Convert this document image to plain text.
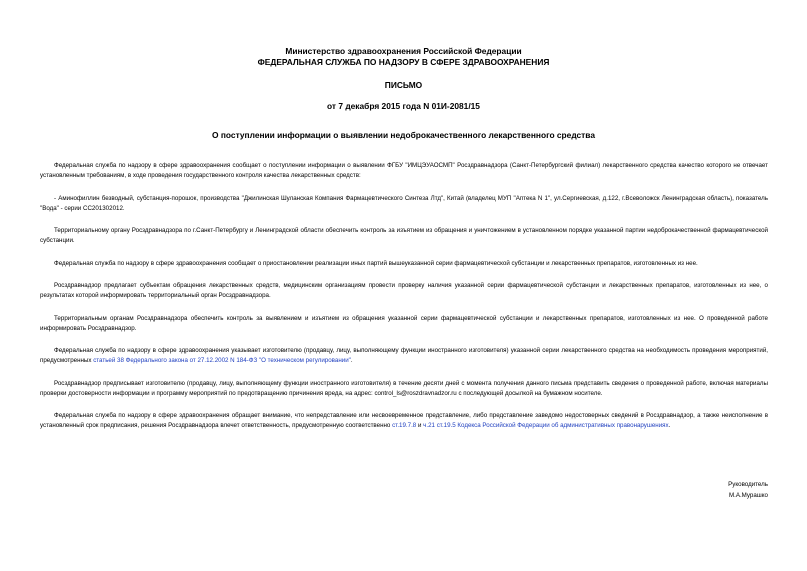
Министерство здравоохранения Российской Федерации
ФЕДЕРАЛЬНАЯ СЛУЖБА ПО НАДЗОРУ В СФЕРЕ ЗДРАВООХРАНЕНИЯ
ПИСЬМО
от 7 декабря 2015 года N 01И-2081/15
О поступлении информации о выявлении недоброкачественного лекарственного средства

Федеральная служба по надзору в сфере здравоохранения сообщает о поступлении информации о выявлении ФГБУ "ИМЦЭУАОСМП" Росздравнадзора (Санкт-Петербургский филиал) лекарственного средства качество которого не отвечает установленным требованиям, в ходе проведения государственного контроля качества лекарственных средств:

- Аминофиллин безводный, субстанция-порошок, производства "Джилинская Шуланская Компания Фармацевтического Синтеза Лтд", Китай (владелец МУП "Аптека N 1", ул.Сергиевская, д.122, г.Всеволожск Ленинградская область), показатель "Вода" - серии СС201302012.

Территориальному органу Росздравнадзора по г.Санкт-Петербургу и Ленинградской области обеспечить контроль за изъятием из обращения и уничтожением в установленном порядке указанной партии недоброкачественной фармацевтической субстанции.

Федеральная служба по надзору в сфере здравоохранения сообщает о приостановлении реализации иных партий вышеуказанной серии фармацевтической субстанции и лекарственных препаратов, изготовленных из нее.

Росздравнадзор предлагает субъектам обращения лекарственных средств, медицинским организациям провести проверку наличия указанной серии фармацевтической субстанции и лекарственных препаратов, изготовленных из нее, о результатах которой информировать территориальный орган Росздравнадзора.

Территориальным органам Росздравнадзора обеспечить контроль за выявлением и изъятием из обращения указанной серии фармацевтической субстанции и лекарственных препаратов, изготовленных из нее. О проведенной работе информировать Росздравнадзор.

Федеральная служба по надзору в сфере здравоохранения указывает изготовителю (продавцу, лицу, выполняющему функции иностранного изготовителя) указанной серии лекарственного средства на необходимость проведения мероприятий, предусмотренных статьей 38 Федерального закона от 27.12.2002 N 184-ФЗ "О техническом регулировании".

Росздравнадзор предписывает изготовителю (продавцу, лицу, выполняющему функции иностранного изготовителя) в течение десяти дней с момента получения данного письма представить сведения о проведенной работе, включая материалы проверки достоверности информации и программу мероприятий по предотвращению причинения вреда, на адрес: control_ls@roszdravnadzor.ru с последующей досылкой на бумажном носителе.

Федеральная служба по надзору в сфере здравоохранения обращает внимание, что непредставление или несвоевременное представление, либо представление заведомо недостоверных сведений в Росздравнадзор, а также неисполнение в установленный срок предписания, решения Росздравнадзора влечет ответственность, предусмотренную соответственно ст.19.7.8 и ч.21 ст.19.5 Кодекса Российской Федерации об административных правонарушениях.

Руководитель
М.А.Мурашко
